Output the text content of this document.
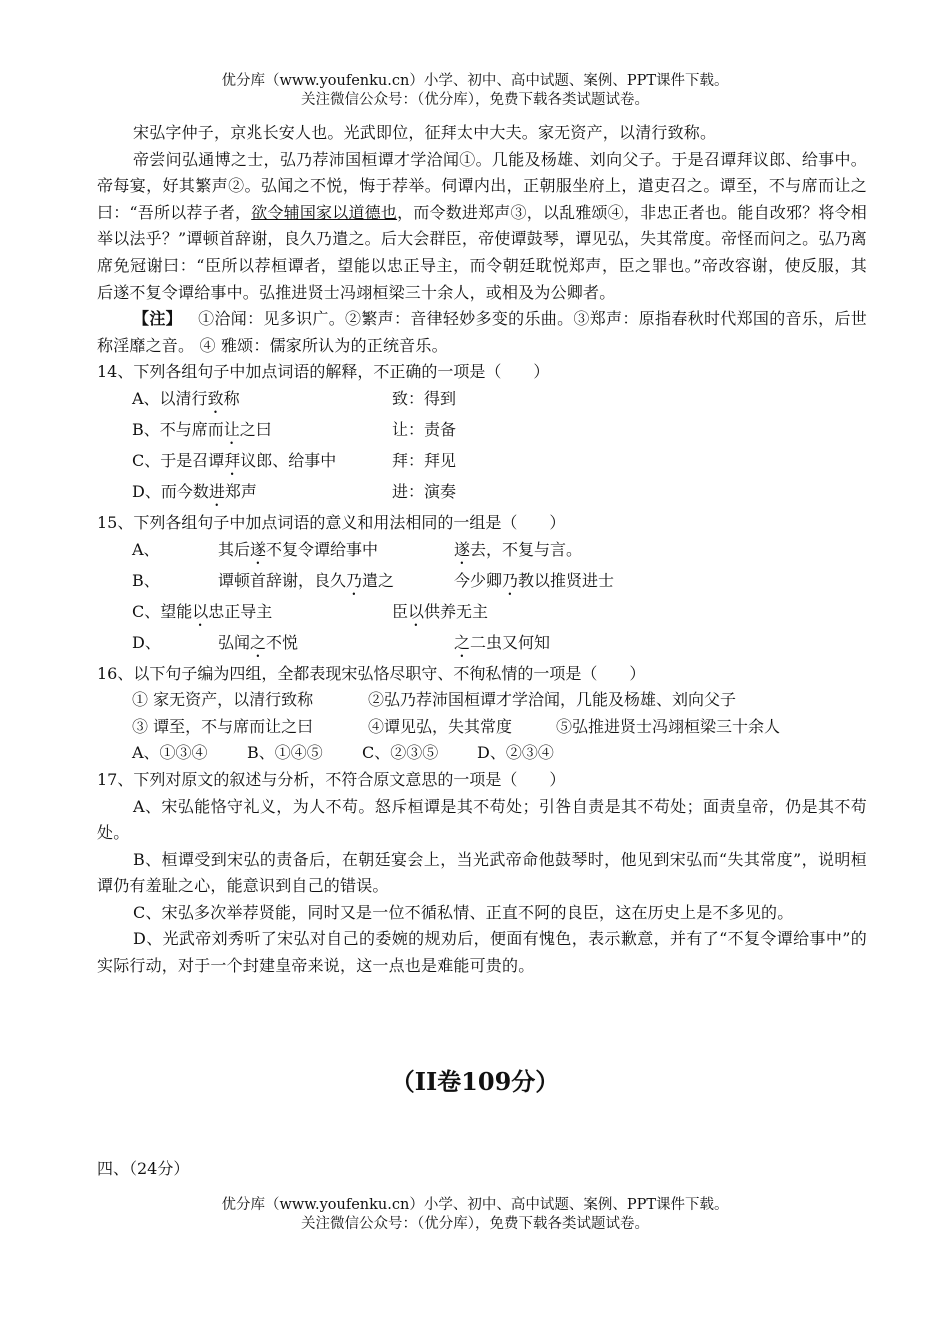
优分库（www.youfenku.cn）小学、初中、高中试题、案例、PPT课件下载。
关注微信公众号：（优分库），免费下载各类试题试卷。

宋弘字仲子，京兆长安人也。光武即位，征拜太中大夫。家无资产，以清行致称。

帝尝问弘通博之士，弘乃荐沛国桓谭才学洽闻①。几能及杨雄、刘向父子。于是召谭拜议郎、给事中。帝每宴，好其繁声②。弘闻之不悦，悔于荐举。伺谭内出，正朝服坐府上，遣吏召之。谭至，不与席而让之曰：“吾所以荐子者，欲令辅国家以道德也，而令数进郑声③，以乱雅颂④，非忠正者也。能自改邪？将令相举以法乎？”谭顿首辞谢，良久乃遣之。后大会群臣，帝使谭鼓琴，谭见弘，失其常度。帝怪而问之。弘乃离席免冠谢曰：“臣所以荐桓谭者，望能以忠正导主，而令朝廷耽悦郑声，臣之罪也。”帝改容谢，使反服，其后遂不复令谭给事中。弘推进贤士冯翊桓梁三十余人，或相及为公卿者。

【注】 ①洽闻：见多识广。②繁声：音律轻妙多变的乐曲。③郑声：原指春秋时代郑国的音乐，后世称淫靡之音。 ④ 雅颂：儒家所认为的正统音乐。

14、下列各组句子中加点词语的解释，不正确的一项是（　　）

A、以清行致称	致：得到

B、不与席而让之曰	让：责备

C、于是召谭拜议郎、给事中	拜：拜见

D、而今数进郑声	进：演奏

15、下列各组句子中加点词语的意义和用法相同的一组是（　　）

A、	其后遂不复令谭给事中	遂去，不复与言。

B、	谭顿首辞谢，良久乃遣之	今少卿乃教以推贤进士

C、望能以忠正导主	臣以供养无主

D、	弘闻之不悦	之二虫又何知

16、以下句子编为四组，全都表现宋弘恪尽职守、不徇私情的一项是（　　）

① 家无资产，以清行致称	②弘乃荐沛国桓谭才学洽闻，几能及杨雄、刘向父子

③ 谭至，不与席而让之曰	④谭见弘，失其常度	⑤弘推进贤士冯翊桓梁三十余人

A、①③④ B、①④⑤ C、②③⑤ D、②③④

17、下列对原文的叙述与分析，不符合原文意思的一项是（　　）

A、宋弘能恪守礼义，为人不苟。怒斥桓谭是其不苟处；引咎自责是其不苟处；面责皇帝，仍是其不苟处。

B、桓谭受到宋弘的责备后，在朝廷宴会上，当光武帝命他鼓琴时，他见到宋弘而“失其常度”，说明桓谭仍有羞耻之心，能意识到自己的错误。

C、宋弘多次举荐贤能，同时又是一位不循私情、正直不阿的良臣，这在历史上是不多见的。

D、光武帝刘秀听了宋弘对自己的委婉的规劝后，便面有愧色，表示歉意，并有了“不复令谭给事中”的实际行动，对于一个封建皇帝来说，这一点也是难能可贵的。

（II卷109分）
四、（24分）
优分库（www.youfenku.cn）小学、初中、高中试题、案例、PPT课件下载。
关注微信公众号：（优分库），免费下载各类试题试卷。
